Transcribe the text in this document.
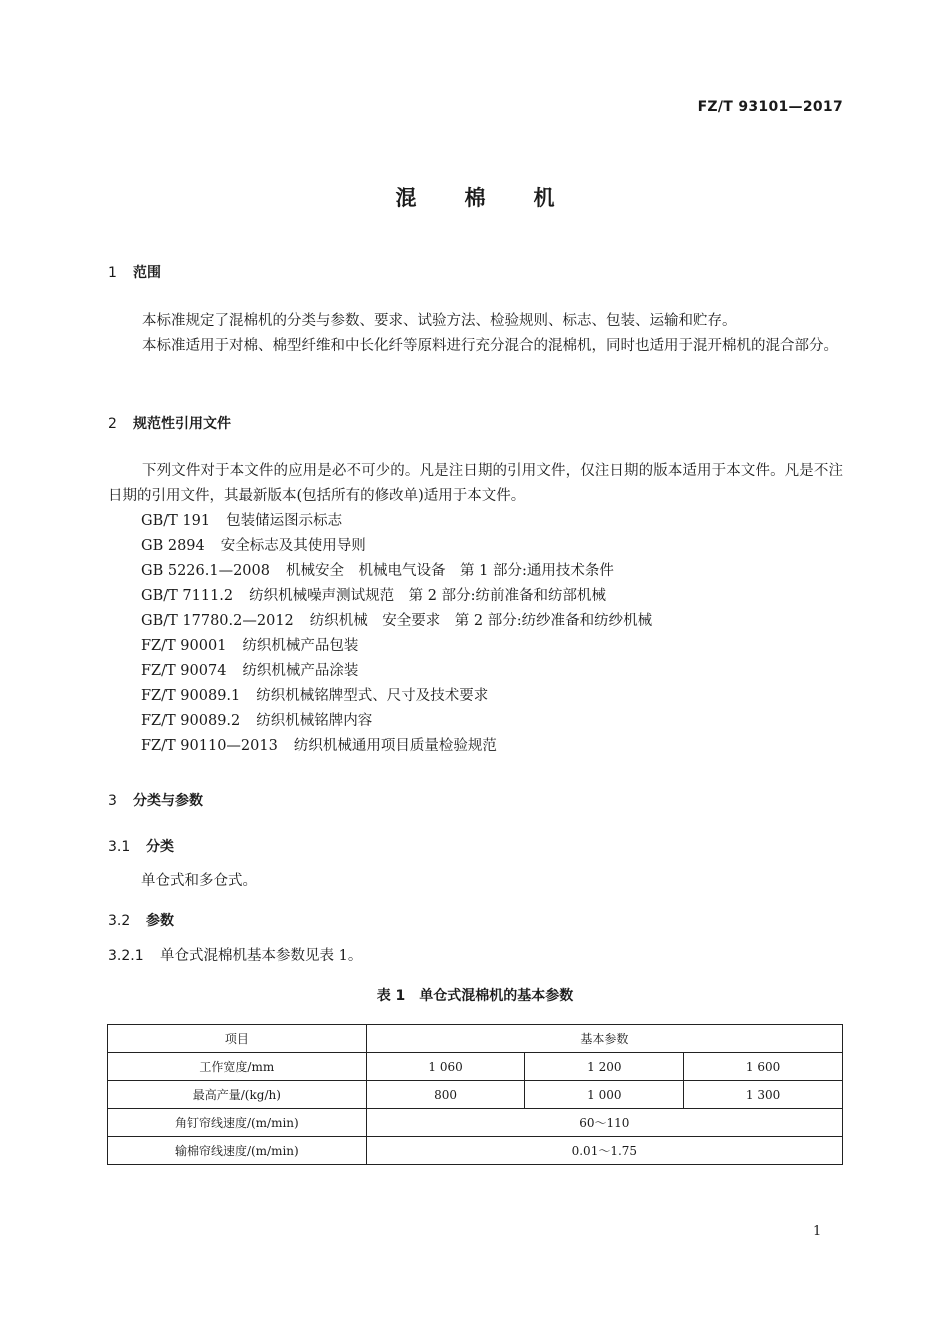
FZ/T 93101—2017
混棉机
1 范围
本标准规定了混棉机的分类与参数、要求、试验方法、检验规则、标志、包装、运输和贮存。
本标准适用于对棉、棉型纤维和中长化纤等原料进行充分混合的混棉机，同时也适用于混开棉机的混合部分。
2 规范性引用文件
下列文件对于本文件的应用是必不可少的。凡是注日期的引用文件，仅注日期的版本适用于本文件。凡是不注日期的引用文件，其最新版本(包括所有的修改单)适用于本文件。
GB/T 191 包装储运图示标志
GB 2894 安全标志及其使用导则
GB 5226.1—2008 机械安全　机械电气设备　第 1 部分:通用技术条件
GB/T 7111.2 纺织机械噪声测试规范　第 2 部分:纺前准备和纺部机械
GB/T 17780.2—2012 纺织机械　安全要求　第 2 部分:纺纱准备和纺纱机械
FZ/T 90001 纺织机械产品包装
FZ/T 90074 纺织机械产品涂装
FZ/T 90089.1 纺织机械铭牌型式、尺寸及技术要求
FZ/T 90089.2 纺织机械铭牌内容
FZ/T 90110—2013 纺织机械通用项目质量检验规范
3 分类与参数
3.1 分类
单仓式和多仓式。
3.2 参数
3.2.1 单仓式混棉机基本参数见表 1。
表 1 单仓式混棉机的基本参数
项目	基本参数		
工作宽度/mm	1 060	1 200	1 600
最高产量/(kg/h)	800	1 000	1 300
角钉帘线速度/(m/min)	60～110		
输棉帘线速度/(m/min)	0.01～1.75		
1
